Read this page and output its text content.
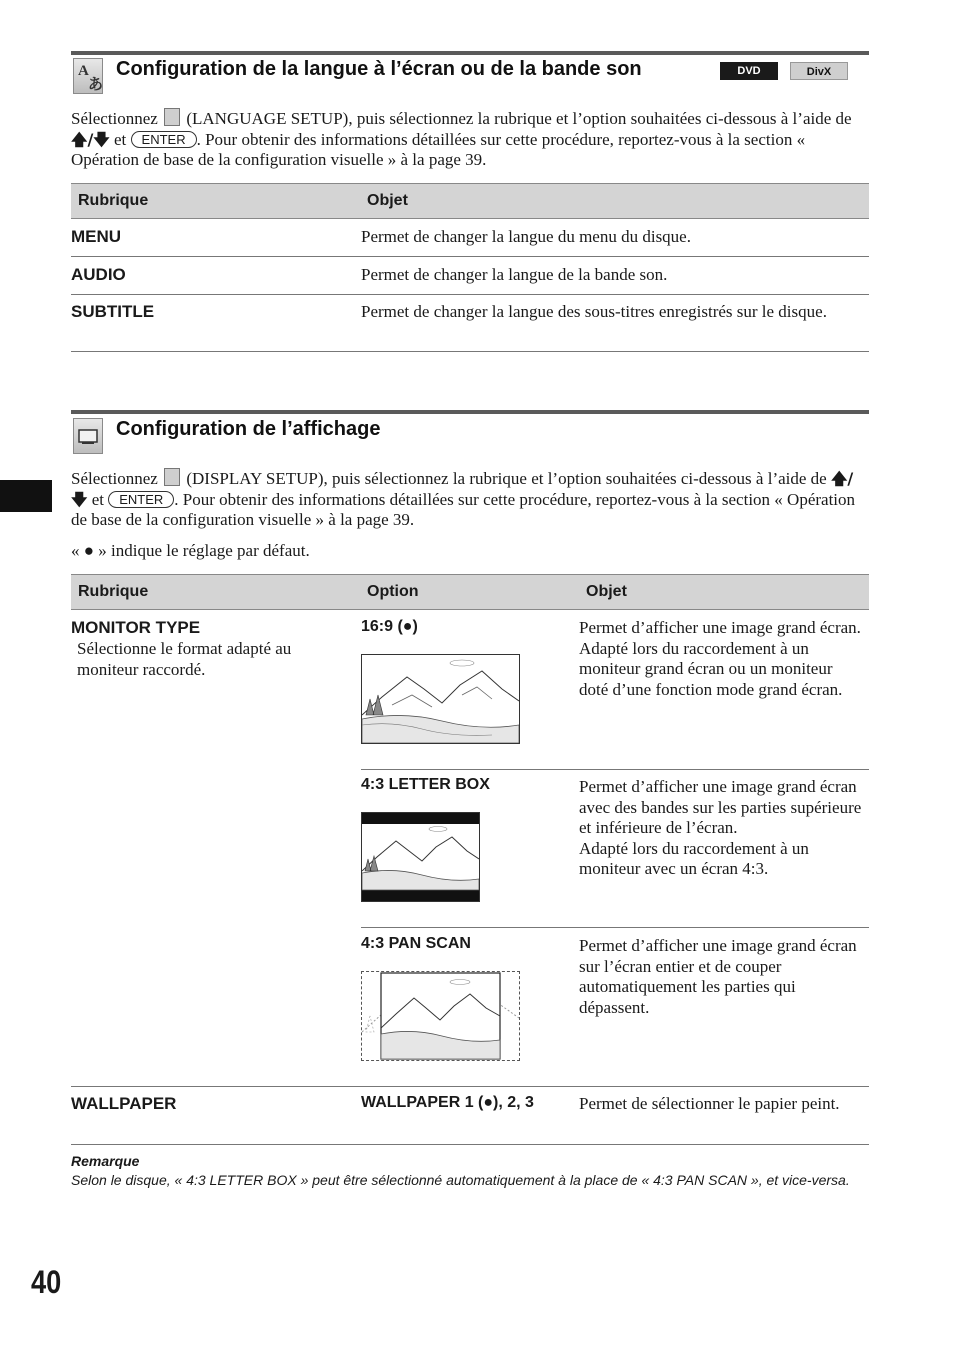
A
あ
Configuration de la langue à l’écran ou de la bande son	DVD	DivX
Sélectionnez (LANGUAGE SETUP), puis sélectionnez la rubrique et l’option souhaitées ci-dessous à l’aide de 🡅/🡇 et ENTER . Pour obtenir des informations détaillées sur cette procédure, reportez-vous à la section « Opération de base de la configuration visuelle » à la page 39.
Rubrique	Objet
MENU	Permet de changer la langue du menu du disque.
AUDIO	Permet de changer la langue de la bande son.
SUBTITLE	Permet de changer la langue des sous-titres enregistrés sur le disque.
Configuration de l’affichage
Sélectionnez (DISPLAY SETUP), puis sélectionnez la rubrique et l’option souhaitées ci-dessous à l’aide de 🡅/🡇 et ENTER . Pour obtenir des informations détaillées sur cette procédure, reportez-vous à la section « Opération de base de la configuration visuelle » à la page 39.
« ● » indique le réglage par défaut.
Rubrique	Option	Objet
MONITOR TYPE
Sélectionne le format adapté au moniteur raccordé.
16:9 (●)	Permet d’afficher une image grand écran.
Adapté lors du raccordement à un moniteur grand écran ou un moniteur doté d’une fonction mode grand écran.
4:3 LETTER BOX	Permet d’afficher une image grand écran avec des bandes sur les parties supérieure et inférieure de l’écran.
Adapté lors du raccordement à un moniteur avec un écran 4:3.
4:3 PAN SCAN	Permet d’afficher une image grand écran sur l’écran entier et de couper automatiquement les parties qui dépassent.
WALLPAPER	WALLPAPER 1 (●), 2, 3	Permet de sélectionner le papier peint.
Remarque
Selon le disque, « 4:3 LETTER BOX » peut être sélectionné automatiquement à la place de « 4:3 PAN SCAN », et vice-versa.
40
